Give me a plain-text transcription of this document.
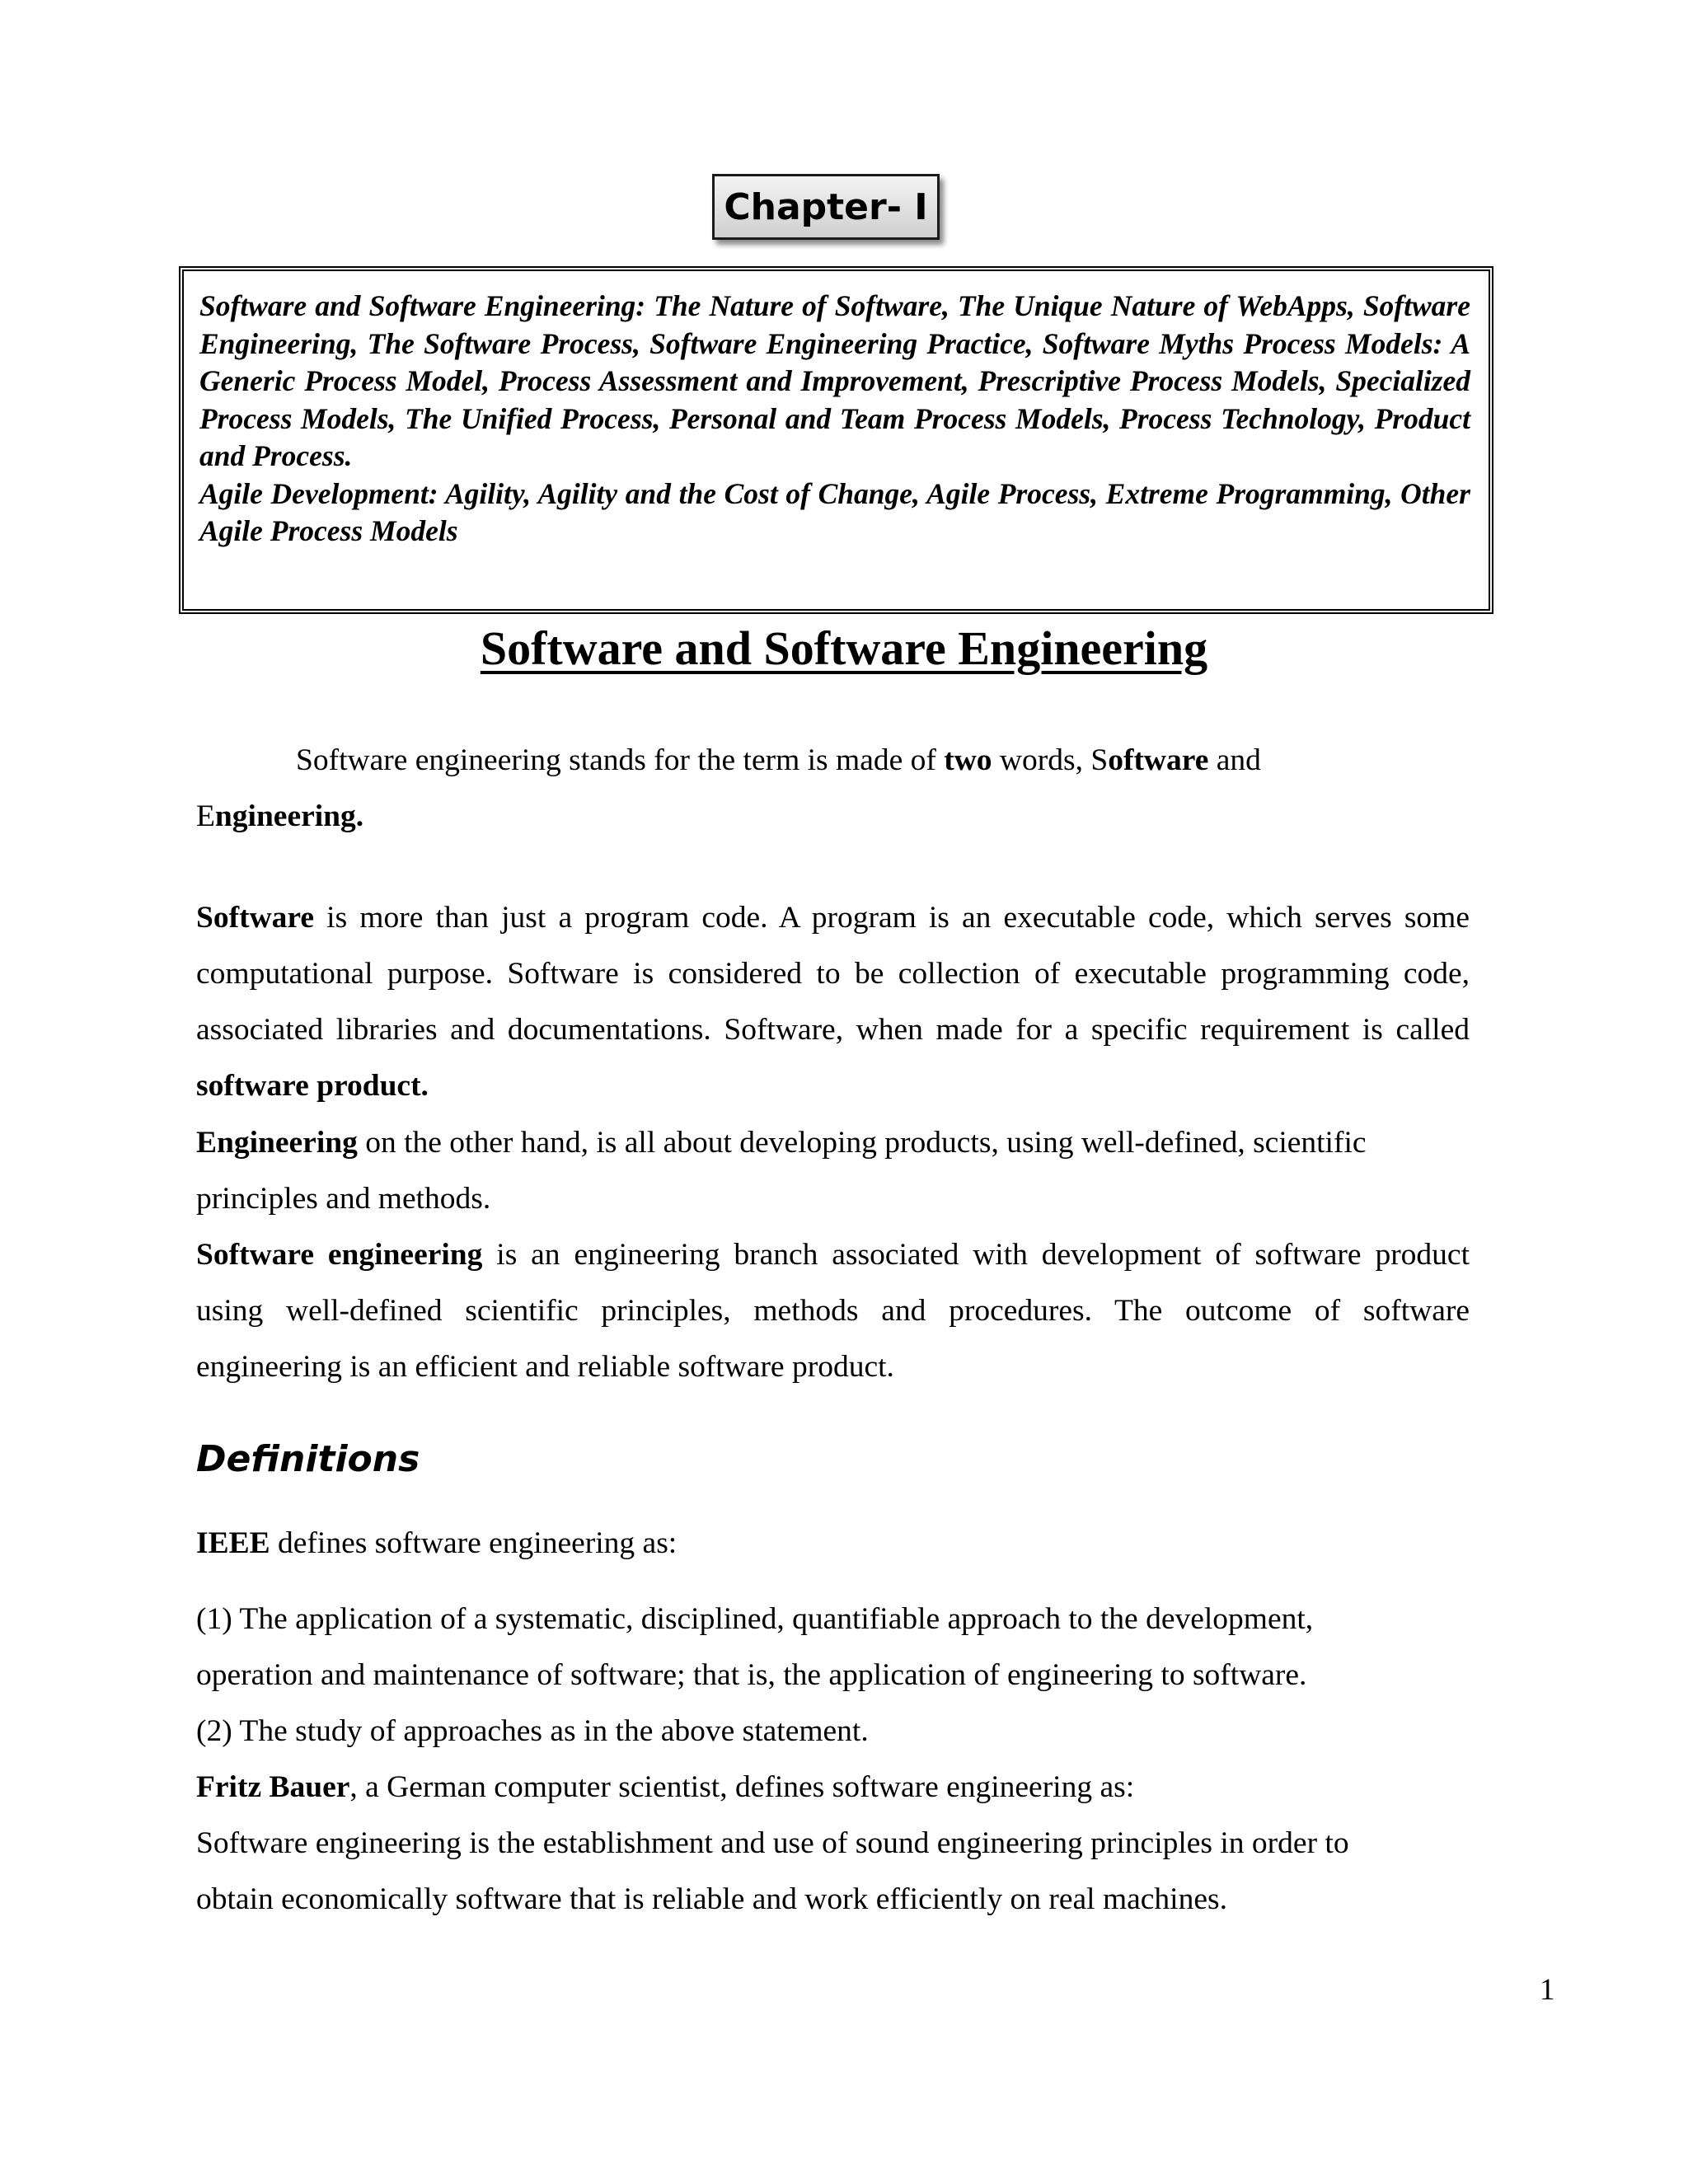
Chapter- I

Software and Software Engineering: The Nature of Software, The Unique Nature of WebApps, Software Engineering, The Software Process, Software Engineering Practice, Software Myths Process Models: A Generic Process Model, Process Assessment and Improvement, Prescriptive Process Models, Specialized Process Models, The Unified Process, Personal and Team Process Models, Process Technology, Product and Process.

Agile Development: Agility, Agility and the Cost of Change, Agile Process, Extreme Programming, Other Agile Process Models

Software and Software Engineering

Software engineering stands for the term is made of two words, Software and
Engineering.

Software is more than just a program code. A program is an executable code, which serves some computational purpose. Software is considered to be collection of executable programming code, associated libraries and documentations. Software, when made for a specific requirement is called software product.

Engineering on the other hand, is all about developing products, using well-defined, scientific principles and methods.

Software engineering is an engineering branch associated with development of software product using well-defined scientific principles, methods and procedures. The outcome of software engineering is an efficient and reliable software product.

IEEE defines software engineering as:

(1) The application of a systematic, disciplined, quantifiable approach to the development,
operation and maintenance of software; that is, the application of engineering to software.

(2) The study of approaches as in the above statement.

Fritz Bauer, a German computer scientist, defines software engineering as:
Software engineering is the establishment and use of sound engineering principles in order to
obtain economically software that is reliable and work efficiently on real machines.

Definitions
1
